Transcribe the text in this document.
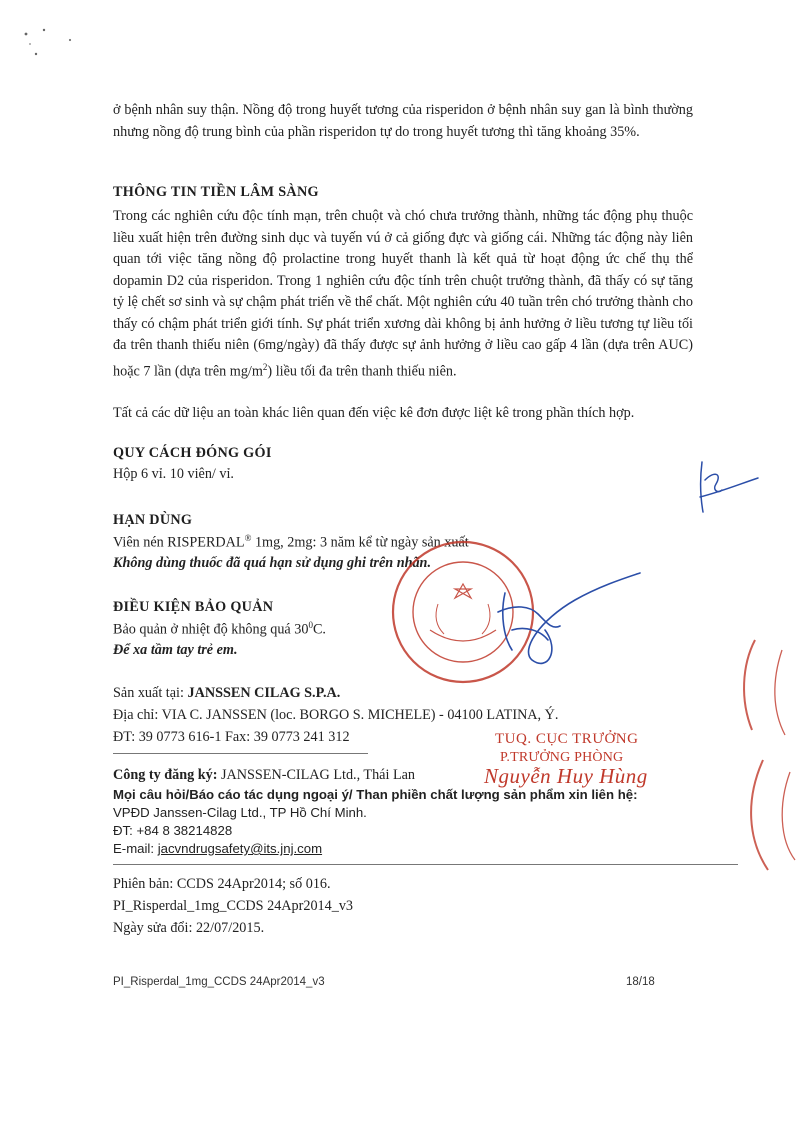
ở bệnh nhân suy thận. Nồng độ trong huyết tương của risperidon ở bệnh nhân suy gan là bình thường nhưng nồng độ trung bình của phần risperidon tự do trong huyết tương thì tăng khoảng 35%.
THÔNG TIN TIỀN LÂM SÀNG
Trong các nghiên cứu độc tính mạn, trên chuột và chó chưa trưởng thành, những tác động phụ thuộc liều xuất hiện trên đường sinh dục và tuyến vú ở cả giống đực và giống cái. Những tác động này liên quan tới việc tăng nồng độ prolactine trong huyết thanh là kết quả từ hoạt động ức chế thụ thể dopamin D2 của risperidon. Trong 1 nghiên cứu độc tính trên chuột trưởng thành, đã thấy có sự tăng tỷ lệ chết sơ sinh và sự chậm phát triển về thể chất. Một nghiên cứu 40 tuần trên chó trưởng thành cho thấy có chậm phát triển giới tính. Sự phát triển xương dài không bị ảnh hưởng ở liều tương tự liều tối đa trên thanh thiếu niên (6mg/ngày) đã thấy được sự ảnh hưởng ở liều cao gấp 4 lần (dựa trên AUC) hoặc 7 lần (dựa trên $mg/m^2$) liều tối đa trên thanh thiếu niên.
Tất cả các dữ liệu an toàn khác liên quan đến việc kê đơn được liệt kê trong phần thích hợp.
QUY CÁCH ĐÓNG GÓI
Hộp 6 vỉ. 10 viên/ vỉ.
HẠN DÙNG
Viên nén RISPERDAL® 1mg, 2mg: 3 năm kể từ ngày sản xuất
Không dùng thuốc đã quá hạn sử dụng ghi trên nhãn.
ĐIỀU KIỆN BẢO QUẢN
Bảo quản ở nhiệt độ không quá $30^0C$.
Để xa tầm tay trẻ em.
Sản xuất tại: JANSSEN CILAG S.P.A.
Địa chỉ: VIA C. JANSSEN (loc. BORGO S. MICHELE) - 04100 LATINA, Ý.
ĐT: 39 0773 616-1 Fax: 39 0773 241 312
Công ty đăng ký: JANSSEN-CILAG Ltd., Thái Lan
Mọi câu hỏi/Báo cáo tác dụng ngoại ý/ Than phiền chất lượng sản phẩm xin liên hệ:
VPĐD Janssen-Cilag Ltd., TP Hồ Chí Minh.
ĐT: +84 8 38214828
E-mail: jacvndrugsafety@its.jnj.com
Phiên bản: CCDS 24Apr2014; số 016.
PI_Risperdal_1mg_CCDS 24Apr2014_v3
Ngày sửa đổi: 22/07/2015.
TUQ. CỤC TRƯỞNG
P.TRƯỞNG PHÒNG
Nguyễn Huy Hùng
PI_Risperdal_1mg_CCDS 24Apr2014_v3	18/18
